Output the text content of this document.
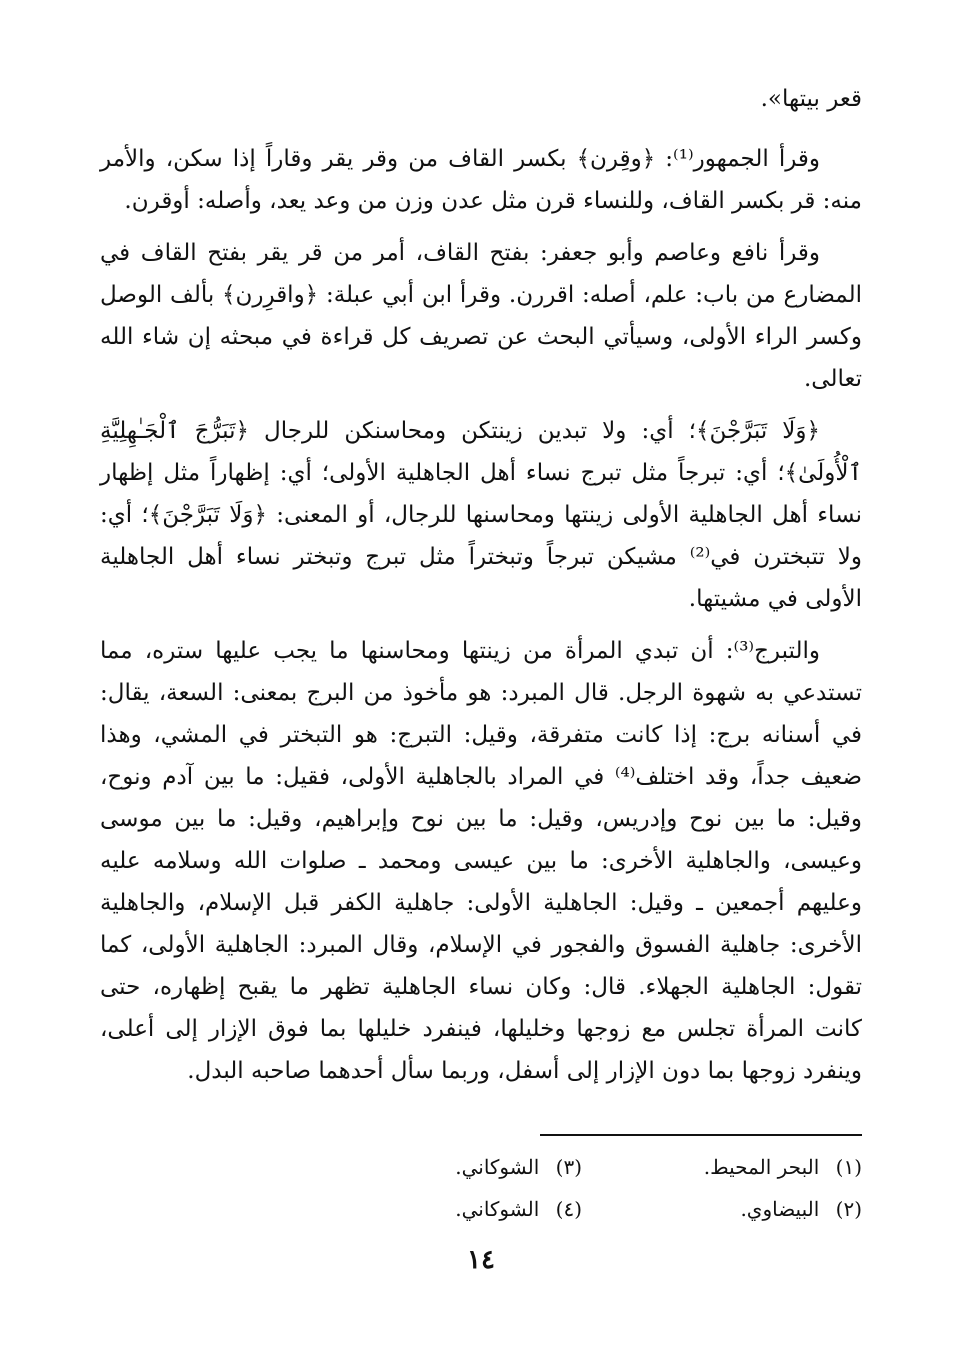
قعر بيتها».

وقرأ الجمهور⁽¹⁾: ﴿وقِرن﴾ بكسر القاف من وقر يقر وقاراً إذا سكن، والأمر منه: قر بكسر القاف، وللنساء قرن مثل عدن وزن من وعد يعد، وأصله: أوقرن.

وقرأ نافع وعاصم وأبو جعفر: بفتح القاف، أمر من قر يقر بفتح القاف في المضارع من باب: علم، أصله: اقررن. وقرأ ابن أبي عبلة: ﴿واقرِرن﴾ بألف الوصل وكسر الراء الأولى، وسيأتي البحث عن تصريف كل قراءة في مبحثه إن شاء الله تعالى.

﴿وَلَا تَبَرَّجْنَ﴾؛ أي: ولا تبدين زينتكن ومحاسنكن للرجال ﴿تَبَرُّجَ ٱلْجَـٰهِلِيَّةِ ٱلْأُولَىٰ﴾؛ أي: تبرجاً مثل تبرج نساء أهل الجاهلية الأولى؛ أي: إظهاراً مثل إظهار نساء أهل الجاهلية الأولى زينتها ومحاسنها للرجال، أو المعنى: ﴿وَلَا تَبَرَّجْنَ﴾؛ أي: ولا تتبخترن في⁽²⁾ مشيكن تبرجاً وتبختراً مثل تبرج وتبختر نساء أهل الجاهلية الأولى في مشيتها.

والتبرج⁽³⁾: أن تبدي المرأة من زينتها ومحاسنها ما يجب عليها ستره، مما تستدعي به شهوة الرجل. قال المبرد: هو مأخوذ من البرج بمعنى: السعة، يقال: في أسنانه برج: إذا كانت متفرقة، وقيل: التبرج: هو التبختر في المشي، وهذا ضعيف جداً، وقد اختلف⁽⁴⁾ في المراد بالجاهلية الأولى، فقيل: ما بين آدم ونوح، وقيل: ما بين نوح وإدريس، وقيل: ما بين نوح وإبراهيم، وقيل: ما بين موسى وعيسى، والجاهلية الأخرى: ما بين عيسى ومحمد ـ صلوات الله وسلامه عليه وعليهم أجمعين ـ وقيل: الجاهلية الأولى: جاهلية الكفر قبل الإسلام، والجاهلية الأخرى: جاهلية الفسوق والفجور في الإسلام، وقال المبرد: الجاهلية الأولى، كما تقول: الجاهلية الجهلاء. قال: وكان نساء الجاهلية تظهر ما يقبح إظهاره، حتى كانت المرأة تجلس مع زوجها وخليلها، فينفرد خليلها بما فوق الإزار إلى أعلى، وينفرد زوجها بما دون الإزار إلى أسفل، وربما سأل أحدهما صاحبه البدل.

(١) البحر المحيط.
(٣) الشوكاني.
(٢) البيضاوي.
(٤) الشوكاني.
١٤
